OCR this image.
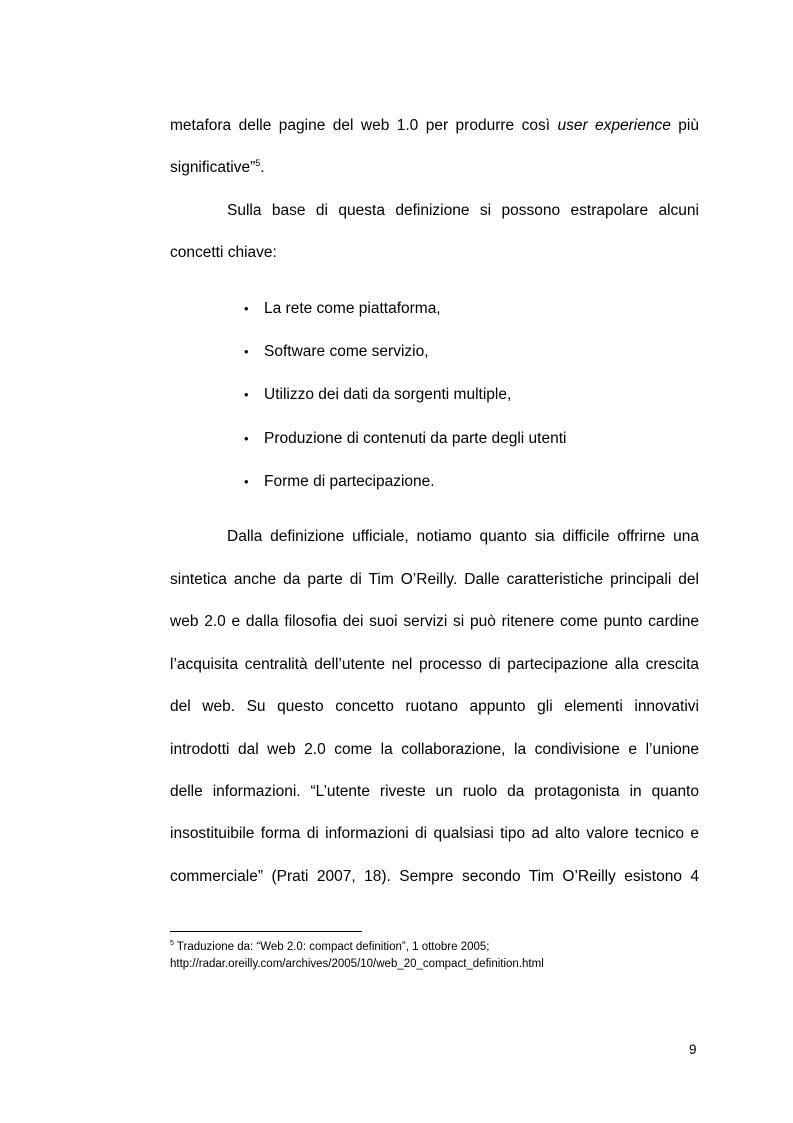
metafora delle pagine del web 1.0 per produrre così user experience più
significative”$^5$.
Sulla base di questa definizione si possono estrapolare alcuni
concetti chiave:
• La rete come piattaforma,
• Software come servizio,
• Utilizzo dei dati da sorgenti multiple,
• Produzione di contenuti da parte degli utenti
• Forme di partecipazione.
Dalla definizione ufficiale, notiamo quanto sia difficile offrirne una
sintetica anche da parte di Tim O’Reilly. Dalle caratteristiche principali del
web 2.0 e dalla filosofia dei suoi servizi si può ritenere come punto cardine
l’acquisita centralità dell’utente nel processo di partecipazione alla crescita
del web. Su questo concetto ruotano appunto gli elementi innovativi
introdotti dal web 2.0 come la collaborazione, la condivisione e l’unione
delle informazioni. “L’utente riveste un ruolo da protagonista in quanto
insostituibile forma di informazioni di qualsiasi tipo ad alto valore tecnico e
commerciale” (Prati 2007, 18). Sempre secondo Tim O’Reilly esistono 4
$^5$ Traduzione da: “Web 2.0: compact definition”, 1 ottobre 2005;
http://radar.oreilly.com/archives/2005/10/web_20_compact_definition.html
9
